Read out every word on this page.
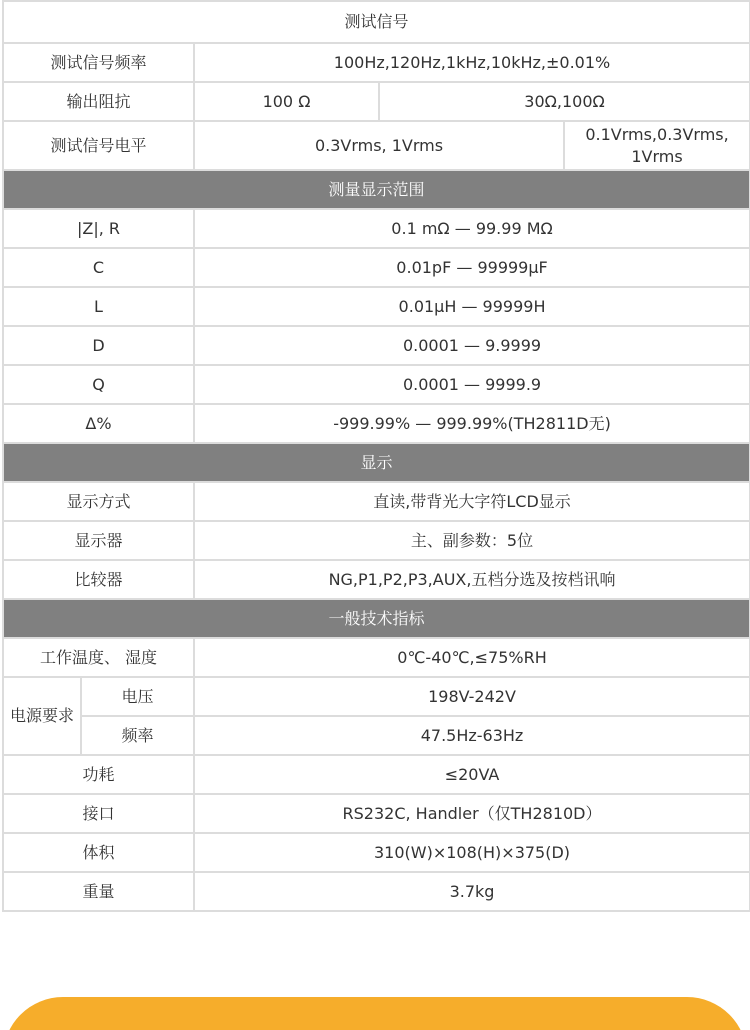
测试信号				
测试信号频率		100Hz,120Hz,1kHz,10kHz,±0.01%		
输出阻抗		100 Ω	30Ω,100Ω	
测试信号电平		0.3Vrms, 1Vrms		0.1Vrms,0.3Vrms, 1Vrms
测量显示范围				
|Z|, R		0.1 mΩ — 99.99 MΩ		
C		0.01pF — 99999μF		
L		0.01μH — 99999H		
D		0.0001 — 9.9999		
Q		0.0001 — 9999.9		
Δ%		-999.99% — 999.99%(TH2811D无)		
显示				
显示方式		直读,带背光大字符LCD显示		
显示器		主、副参数：5位		
比较器		NG,P1,P2,P3,AUX,五档分选及按档讯响		
一般技术指标				
工作温度、 湿度		0℃-40℃,≤75%RH		
电源要求	电压	198V-242V		
	频率	47.5Hz-63Hz		
功耗		≤20VA		
接口		RS232C, Handler（仅TH2810D）		
体积		310(W)×108(H)×375(D)		
重量		3.7kg		
